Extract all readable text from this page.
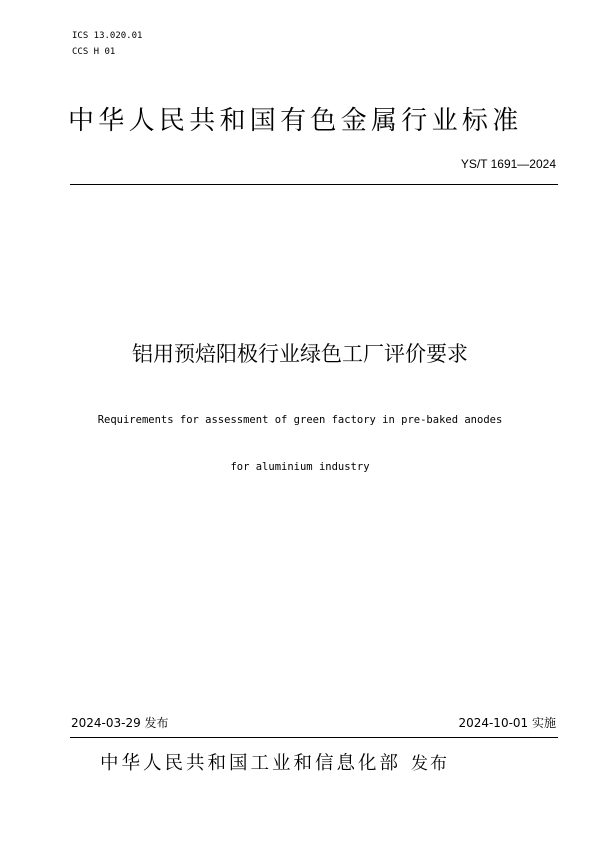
ICS 13.020.01
CCS H 01
中华人民共和国有色金属行业标准
YS/T 1691—2024
铝用预焙阳极行业绿色工厂评价要求
Requirements for assessment of green factory in pre-baked anodes
for aluminium industry
2024-03-29 发布	2024-10-01 实施
中华人民共和国工业和信息化部 发布
